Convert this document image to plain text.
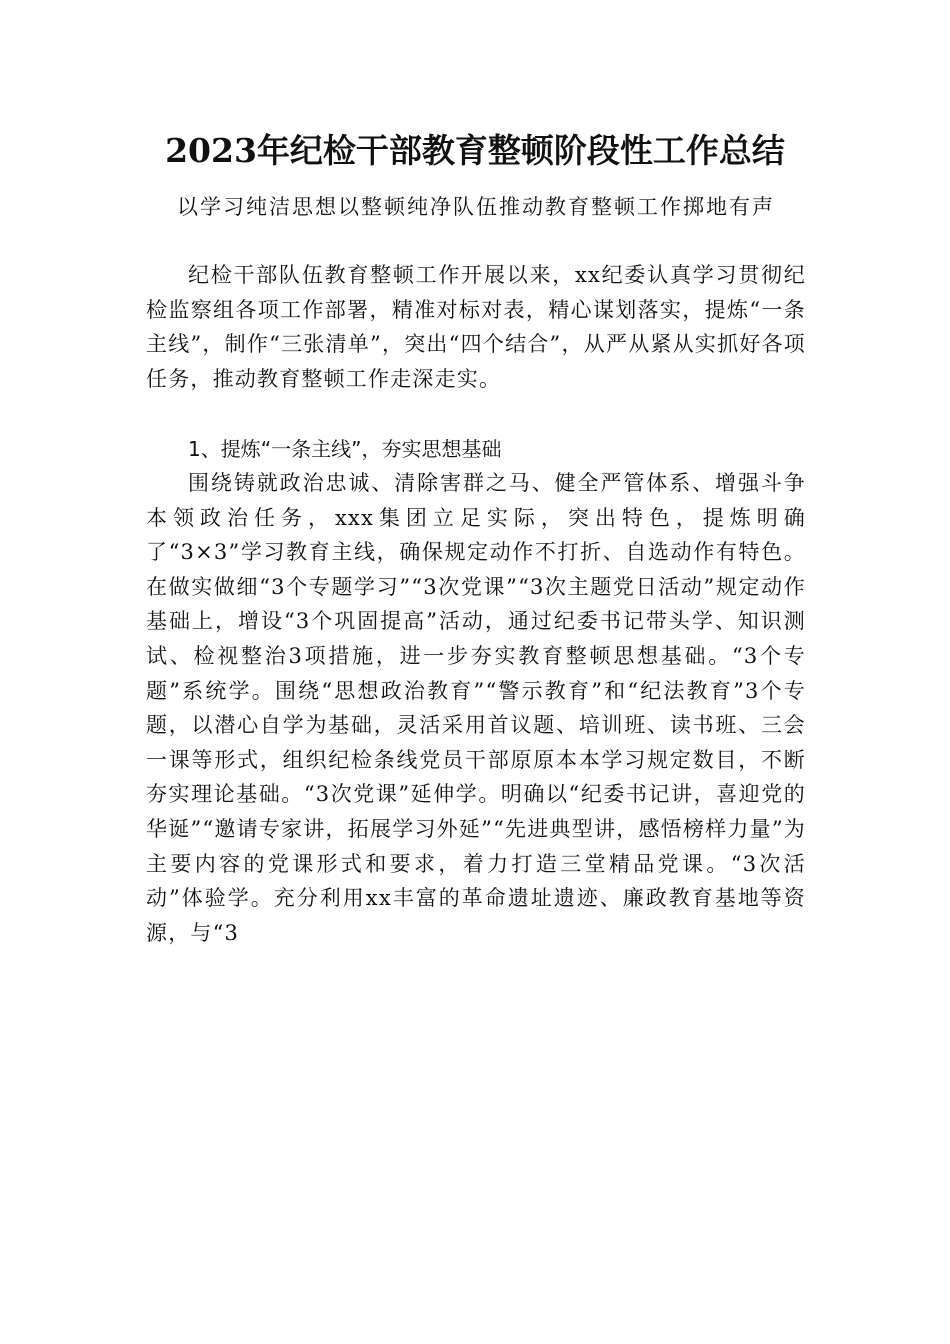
2023年纪检干部教育整顿阶段性工作总结
以学习纯洁思想以整顿纯净队伍推动教育整顿工作掷地有声
纪检干部队伍教育整顿工作开展以来，xx纪委认真学习贯彻纪检监察组各项工作部署，精准对标对表，精心谋划落实，提炼“一条主线”，制作“三张清单”，突出“四个结合”，从严从紧从实抓好各项任务，推动教育整顿工作走深走实。
1、提炼“一条主线”，夯实思想基础
围绕铸就政治忠诚、清除害群之马、健全严管体系、增强斗争本领政治任务，xxx集团立足实际，突出特色，提炼明确了“3×3”学习教育主线，确保规定动作不打折、自选动作有特色。在做实做细“3个专题学习”“3次党课”“3次主题党日活动”规定动作基础上，增设“3个巩固提高”活动，通过纪委书记带头学、知识测试、检视整治3项措施，进一步夯实教育整顿思想基础。“3个专题”系统学。围绕“思想政治教育”“警示教育”和“纪法教育”3个专题，以潜心自学为基础，灵活采用首议题、培训班、读书班、三会一课等形式，组织纪检条线党员干部原原本本学习规定数目，不断夯实理论基础。“3次党课”延伸学。明确以“纪委书记讲，喜迎党的华诞”“邀请专家讲，拓展学习外延”“先进典型讲，感悟榜样力量”为主要内容的党课形式和要求，着力打造三堂精品党课。“3次活动”体验学。充分利用xx丰富的革命遗址遗迹、廉政教育基地等资源，与“3
